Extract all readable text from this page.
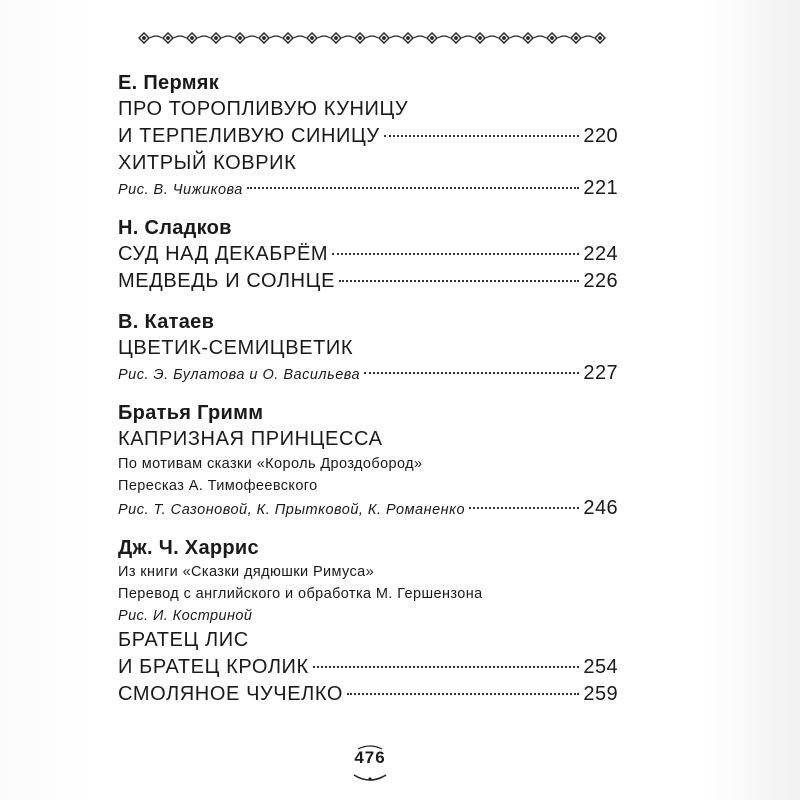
Е. Пермяк

ПРО ТОРОПЛИВУЮ КУНИЦУ

И ТЕРПЕЛИВУЮ СИНИЦУ	220

ХИТРЫЙ КОВРИК

Рис. В. Чижикова	221

Н. Сладков

СУД НАД ДЕКАБРЁМ	224
МЕДВЕДЬ И СОЛНЦЕ	226

В. Катаев

ЦВЕТИК-СЕМИЦВЕТИК

Рис. Э. Булатова и О. Васильева	227

Братья Гримм

КАПРИЗНАЯ ПРИНЦЕССА

По мотивам сказки «Король Дроздобород»

Пересказ А. Тимофеевского

Рис. Т. Сазоновой, К. Прытковой, К. Романенко	246

Дж. Ч. Харрис

Из книги «Сказки дядюшки Римуса»

Перевод с английского и обработка М. Гершензона

Рис. И. Костриной

БРАТЕЦ ЛИС

И БРАТЕЦ КРОЛИК	254
СМОЛЯНОЕ ЧУЧЕЛКО	259
476
